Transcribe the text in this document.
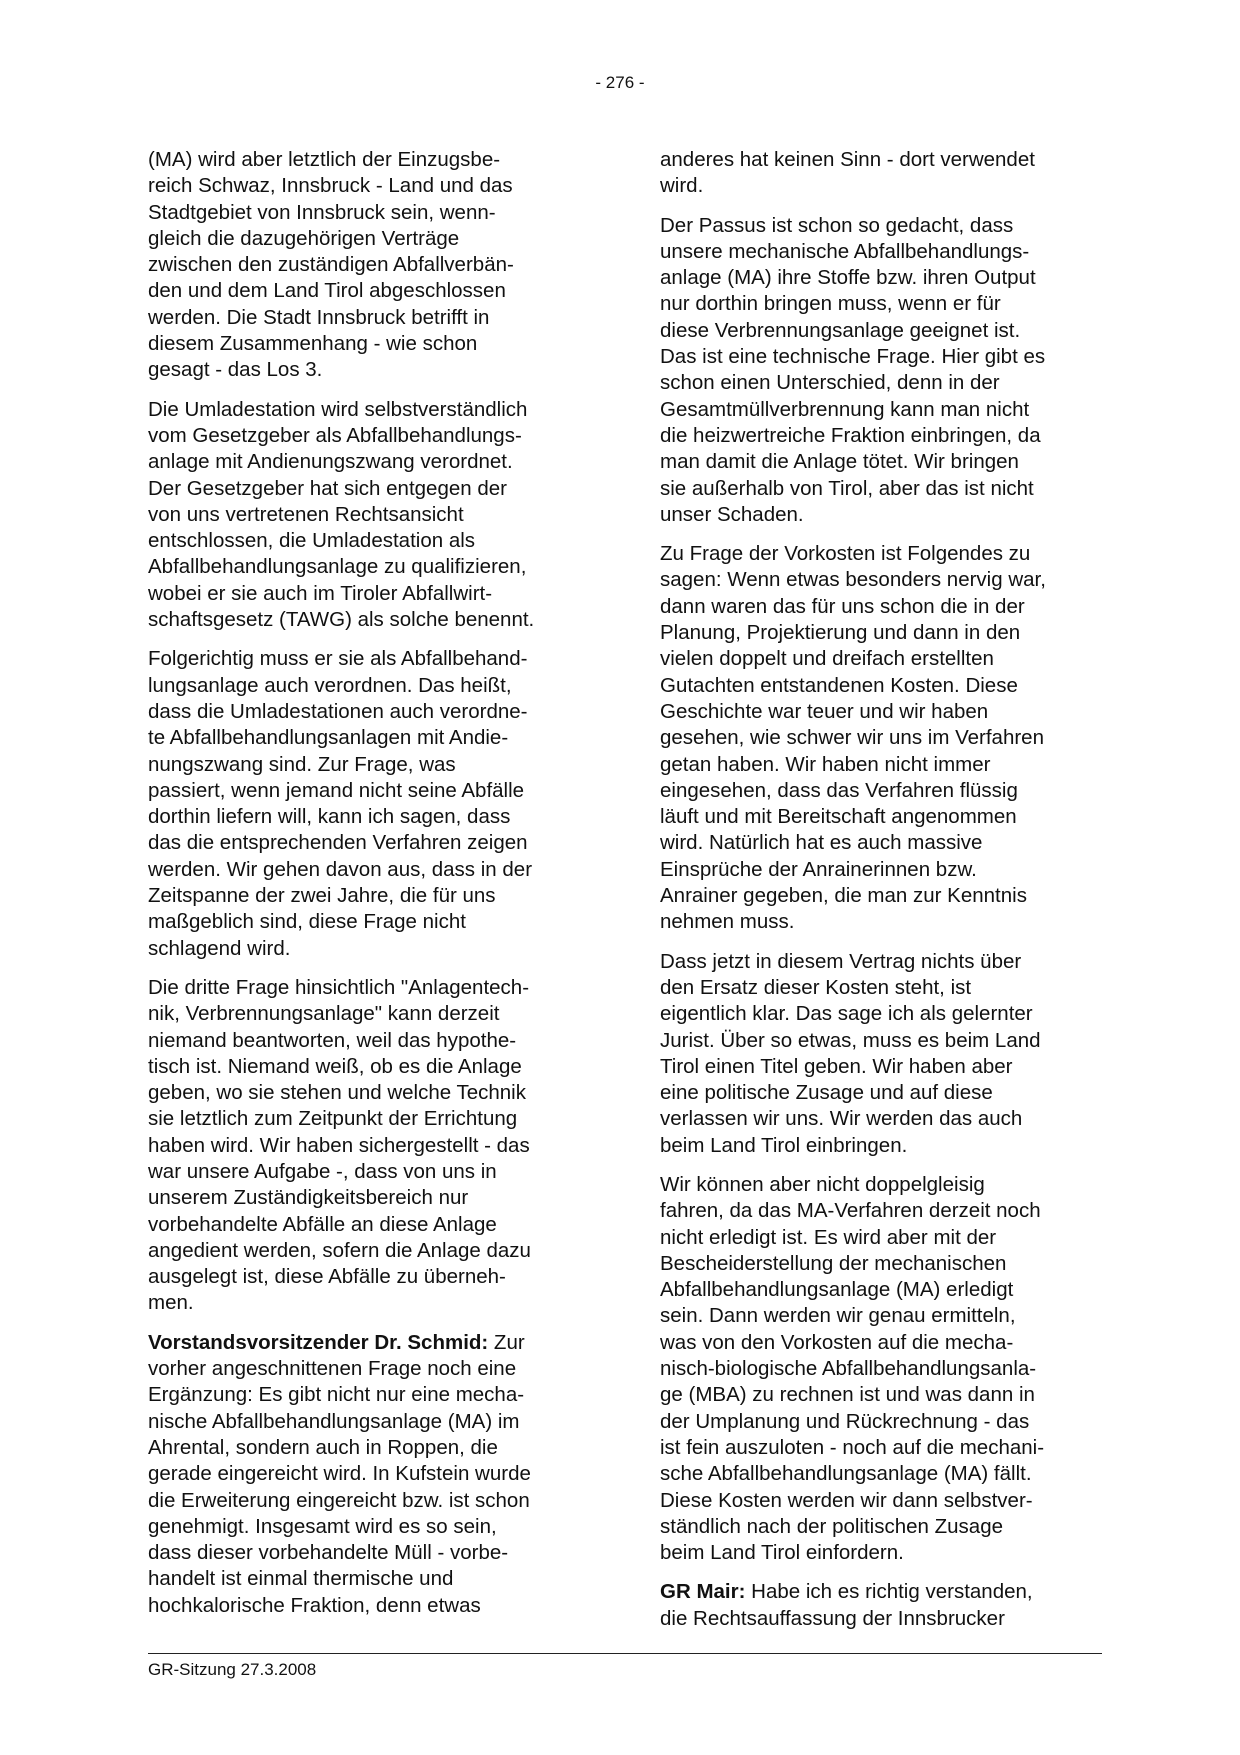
- 276 -

(MA) wird aber letztlich der Einzugsbe-
reich Schwaz, Innsbruck - Land und das
Stadtgebiet von Innsbruck sein, wenn-
gleich die dazugehörigen Verträge
zwischen den zuständigen Abfallverbän-
den und dem Land Tirol abgeschlossen
werden. Die Stadt Innsbruck betrifft in
diesem Zusammenhang - wie schon
gesagt - das Los 3.

Die Umladestation wird selbstverständlich
vom Gesetzgeber als Abfallbehandlungs-
anlage mit Andienungszwang verordnet.
Der Gesetzgeber hat sich entgegen der
von uns vertretenen Rechtsansicht
entschlossen, die Umladestation als
Abfallbehandlungsanlage zu qualifizieren,
wobei er sie auch im Tiroler Abfallwirt-
schaftsgesetz (TAWG) als solche benennt.

Folgerichtig muss er sie als Abfallbehand-
lungsanlage auch verordnen. Das heißt,
dass die Umladestationen auch verordne-
te Abfallbehandlungsanlagen mit Andie-
nungszwang sind. Zur Frage, was
passiert, wenn jemand nicht seine Abfälle
dorthin liefern will, kann ich sagen, dass
das die entsprechenden Verfahren zeigen
werden. Wir gehen davon aus, dass in der
Zeitspanne der zwei Jahre, die für uns
maßgeblich sind, diese Frage nicht
schlagend wird.

Die dritte Frage hinsichtlich "Anlagentech-
nik, Verbrennungsanlage" kann derzeit
niemand beantworten, weil das hypothe-
tisch ist. Niemand weiß, ob es die Anlage
geben, wo sie stehen und welche Technik
sie letztlich zum Zeitpunkt der Errichtung
haben wird. Wir haben sichergestellt - das
war unsere Aufgabe -, dass von uns in
unserem Zuständigkeitsbereich nur
vorbehandelte Abfälle an diese Anlage
angedient werden, sofern die Anlage dazu
ausgelegt ist, diese Abfälle zu überneh-
men.

Vorstandsvorsitzender Dr. Schmid: Zur
vorher angeschnittenen Frage noch eine
Ergänzung: Es gibt nicht nur eine mecha-
nische Abfallbehandlungsanlage (MA) im
Ahrental, sondern auch in Roppen, die
gerade eingereicht wird. In Kufstein wurde
die Erweiterung eingereicht bzw. ist schon
genehmigt. Insgesamt wird es so sein,
dass dieser vorbehandelte Müll - vorbe-
handelt ist einmal thermische und
hochkalorische Fraktion, denn etwas

anderes hat keinen Sinn - dort verwendet
wird.

Der Passus ist schon so gedacht, dass
unsere mechanische Abfallbehandlungs-
anlage (MA) ihre Stoffe bzw. ihren Output
nur dorthin bringen muss, wenn er für
diese Verbrennungsanlage geeignet ist.
Das ist eine technische Frage. Hier gibt es
schon einen Unterschied, denn in der
Gesamtmüllverbrennung kann man nicht
die heizwertreiche Fraktion einbringen, da
man damit die Anlage tötet. Wir bringen
sie außerhalb von Tirol, aber das ist nicht
unser Schaden.

Zu Frage der Vorkosten ist Folgendes zu
sagen: Wenn etwas besonders nervig war,
dann waren das für uns schon die in der
Planung, Projektierung und dann in den
vielen doppelt und dreifach erstellten
Gutachten entstandenen Kosten. Diese
Geschichte war teuer und wir haben
gesehen, wie schwer wir uns im Verfahren
getan haben. Wir haben nicht immer
eingesehen, dass das Verfahren flüssig
läuft und mit Bereitschaft angenommen
wird. Natürlich hat es auch massive
Einsprüche der Anrainerinnen bzw.
Anrainer gegeben, die man zur Kenntnis
nehmen muss.

Dass jetzt in diesem Vertrag nichts über
den Ersatz dieser Kosten steht, ist
eigentlich klar. Das sage ich als gelernter
Jurist. Über so etwas, muss es beim Land
Tirol einen Titel geben. Wir haben aber
eine politische Zusage und auf diese
verlassen wir uns. Wir werden das auch
beim Land Tirol einbringen.

Wir können aber nicht doppelgleisig
fahren, da das MA-Verfahren derzeit noch
nicht erledigt ist. Es wird aber mit der
Bescheiderstellung der mechanischen
Abfallbehandlungsanlage (MA) erledigt
sein. Dann werden wir genau ermitteln,
was von den Vorkosten auf die mecha-
nisch-biologische Abfallbehandlungsanla-
ge (MBA) zu rechnen ist und was dann in
der Umplanung und Rückrechnung - das
ist fein auszuloten - noch auf die mechani-
sche Abfallbehandlungsanlage (MA) fällt.
Diese Kosten werden wir dann selbstver-
ständlich nach der politischen Zusage
beim Land Tirol einfordern.

GR Mair: Habe ich es richtig verstanden,
die Rechtsauffassung der Innsbrucker

GR-Sitzung 27.3.2008
